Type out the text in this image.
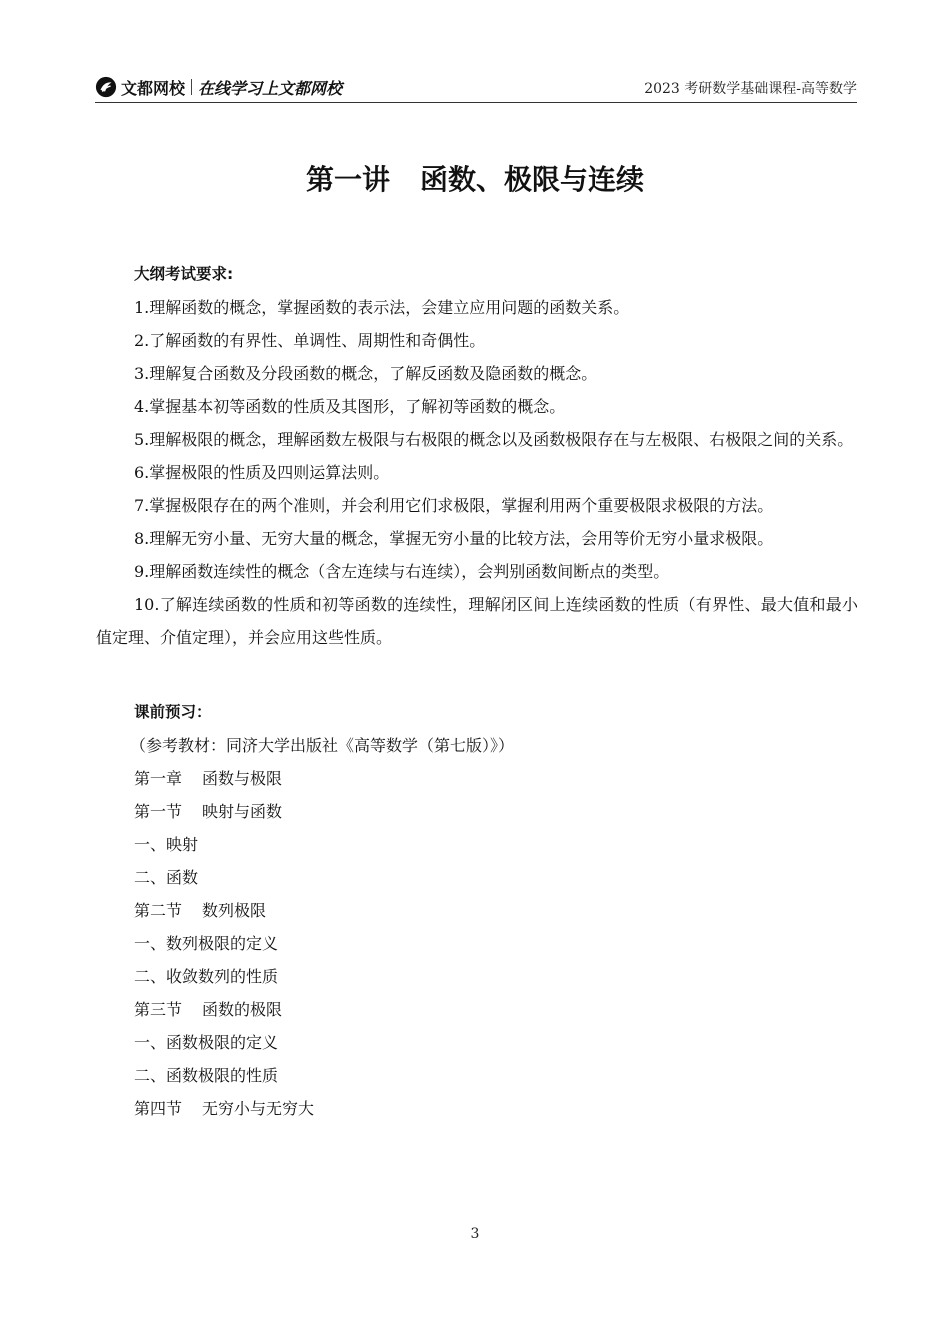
文都网校 在线学习上文都网校	2023 考研数学基础课程-高等数学
第一讲 函数、极限与连续
大纲考试要求:

1.理解函数的概念，掌握函数的表示法，会建立应用问题的函数关系。

2.了解函数的有界性、单调性、周期性和奇偶性。

3.理解复合函数及分段函数的概念，了解反函数及隐函数的概念。

4.掌握基本初等函数的性质及其图形，了解初等函数的概念。

5.理解极限的概念，理解函数左极限与右极限的概念以及函数极限存在与左极限、右极限之间的关系。

6.掌握极限的性质及四则运算法则。

7.掌握极限存在的两个准则，并会利用它们求极限，掌握利用两个重要极限求极限的方法。

8.理解无穷小量、无穷大量的概念，掌握无穷小量的比较方法，会用等价无穷小量求极限。

9.理解函数连续性的概念（含左连续与右连续），会判别函数间断点的类型。

10.了解连续函数的性质和初等函数的连续性，理解闭区间上连续函数的性质（有界性、最大值和最小值定理、介值定理），并会应用这些性质。

课前预习：

（参考教材：同济大学出版社《高等数学（第七版）》）

第一章 函数与极限

第一节 映射与函数

一、映射

二、函数

第二节 数列极限

一、数列极限的定义

二、收敛数列的性质

第三节 函数的极限

一、函数极限的定义

二、函数极限的性质

第四节 无穷小与无穷大

3
